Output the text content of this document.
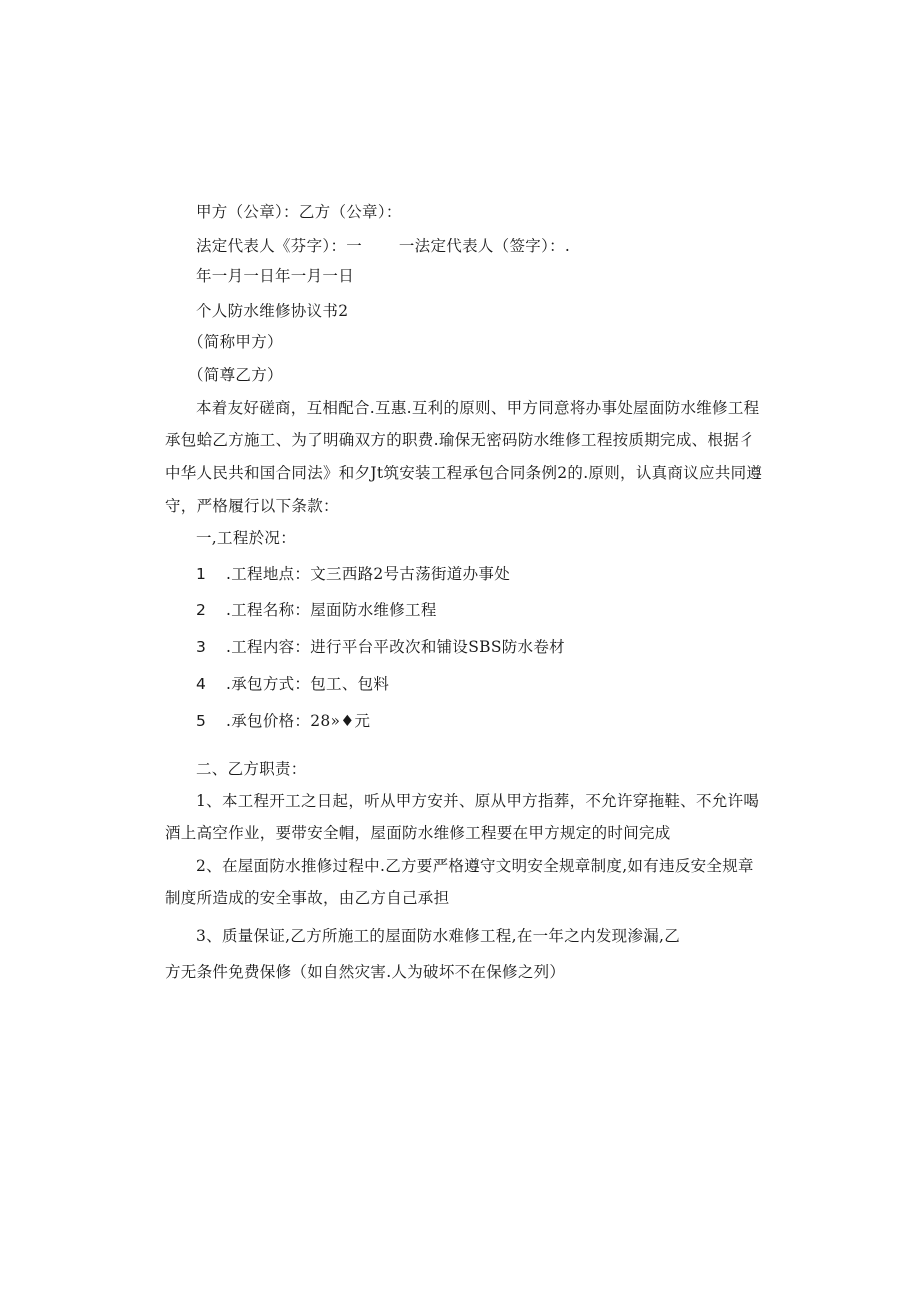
甲方（公章）：乙方（公章）：
法定代表人《芬字）：一　　 一法定代表人（签字）：.
年一月一日年一月一日
个人防水维修协议书2
（简称甲方）
（简尊乙方）
本着友好磋商，互相配合.互惠.互利的原则、甲方同意将办事处屋面防水维修工程
承包蛤乙方施工、为了明确双方的职费.瑜保无密码防水维修工程按质期完成、根据彳
中华人民共和国合同法》和夕Jt筑安装工程承包合同条例2的.原则，认真商议应共同遵
守，严格履行以下条款：
一,工程於况：
1 .工程地点：文三西路2号古荡街道办事处
2 .工程名称：屋面防水维修工程
3 .工程内容：进行平台平改次和铺设SBS防水卷材
4 .承包方式：包工、包料
5 .承包价格：28»♦元
二、乙方职责：
1、本工程开工之日起，听从甲方安并、原从甲方指葬，不允许穿拖鞋、不允许喝
酒上高空作业，要带安全帽，屋面防水维修工程要在甲方规定的时间完成
2、在屋面防水推修过程中.乙方要严格遵守文明安全规章制度,如有违反安全规章
制度所造成的安全事故，由乙方自己承担
3、质量保证,乙方所施工的屋面防水难修工程,在一年之内发现渗漏,乙
方无条件免费保修（如自然灾害.人为破坏不在保修之列）
